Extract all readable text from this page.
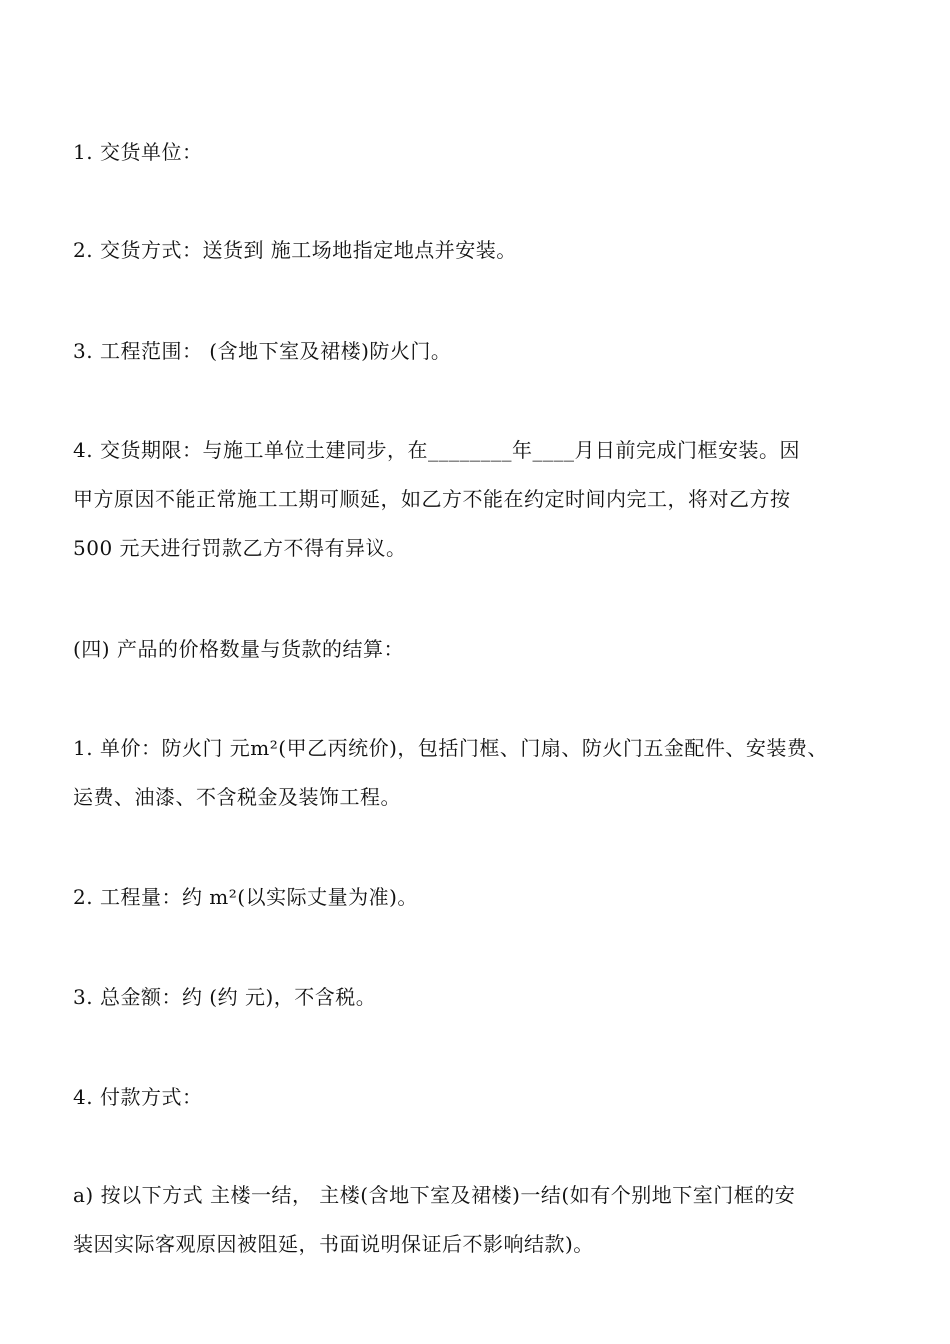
1. 交货单位：
2. 交货方式：送货到 施工场地指定地点并安装。
3. 工程范围： (含地下室及裙楼)防火门。
4. 交货期限：与施工单位土建同步，在________年____月日前完成门框安装。因
甲方原因不能正常施工工期可顺延，如乙方不能在约定时间内完工，将对乙方按
500 元天进行罚款乙方不得有异议。
(四) 产品的价格数量与货款的结算：
1. 单价：防火门 元m²(甲乙丙统价)，包括门框、门扇、防火门五金配件、安装费、
运费、油漆、不含税金及装饰工程。
2. 工程量：约 m²(以实际丈量为准)。
3. 总金额：约 (约 元)，不含税。
4. 付款方式：
a) 按以下方式 主楼一结， 主楼(含地下室及裙楼)一结(如有个别地下室门框的安
装因实际客观原因被阻延，书面说明保证后不影响结款)。
